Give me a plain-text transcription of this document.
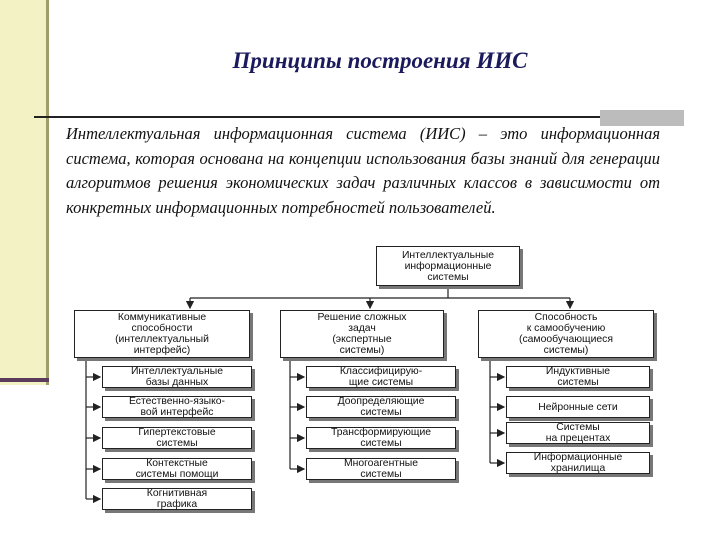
Принципы построения ИИС
Интеллектуальная информационная система (ИИС) – это информационная система, которая основана на концепции использования базы знаний для генерации алгоритмов решения экономических задач различных классов в зависимости от конкретных информационных потребностей пользователей.
Интеллектуальные
информационные
системы
Коммуникативные
способности
(интеллектуальный
интерфейс)
Решение сложных
задач
(экспертные
системы)
Способность
к самообучению
(самообучающиеся
системы)
Интеллектуальные
базы данных
Естественно-языко-
вой интерфейс
Гипертекстовые
системы
Контекстные
системы помощи
Когнитивная
графика
Классифицирую-
щие системы
Доопределяющие
системы
Трансформирующие
системы
Многоагентные
системы
Индуктивные
системы
Нейронные сети
Системы
на прецентах
Информационные
хранилища
